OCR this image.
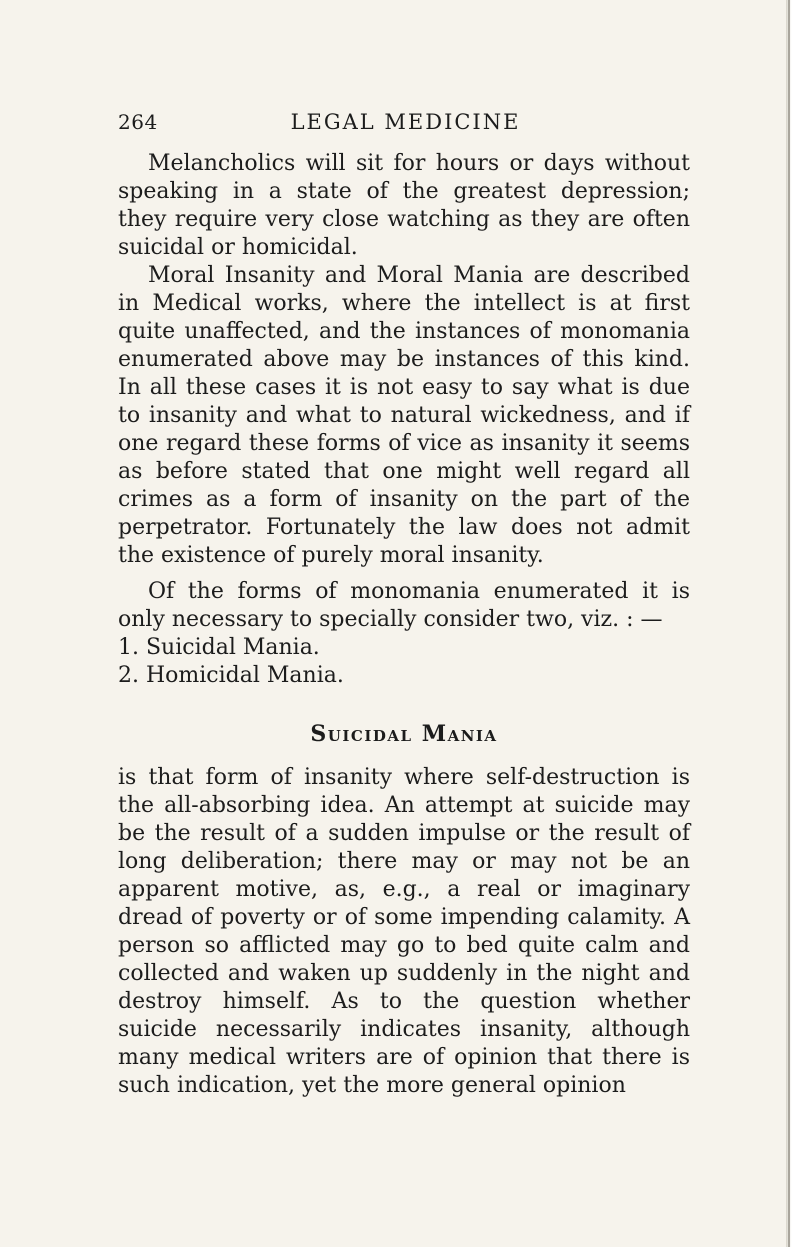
264	LEGAL MEDICINE

Melancholics will sit for hours or days without speaking in a state of the greatest depression; they require very close watching as they are often suicidal or homicidal.

Moral Insanity and Moral Mania are described in Medical works, where the intellect is at first quite unaffected, and the instances of monomania enumerated above may be instances of this kind. In all these cases it is not easy to say what is due to insanity and what to natural wickedness, and if one regard these forms of vice as insanity it seems as before stated that one might well regard all crimes as a form of insanity on the part of the perpetrator. Fortunately the law does not admit the existence of purely moral insanity.

Of the forms of monomania enumerated it is only necessary to specially consider two, viz. : —

1. Suicidal Mania.

2. Homicidal Mania.

Suicidal Mania

is that form of insanity where self-destruction is the all-absorbing idea. An attempt at suicide may be the result of a sudden impulse or the result of long deliberation; there may or may not be an apparent motive, as, e.g., a real or imaginary dread of poverty or of some impending calamity. A person so afflicted may go to bed quite calm and collected and waken up suddenly in the night and destroy himself. As to the question whether suicide necessarily indicates insanity, although many medical writers are of opinion that there is such indication, yet the more general opinion
